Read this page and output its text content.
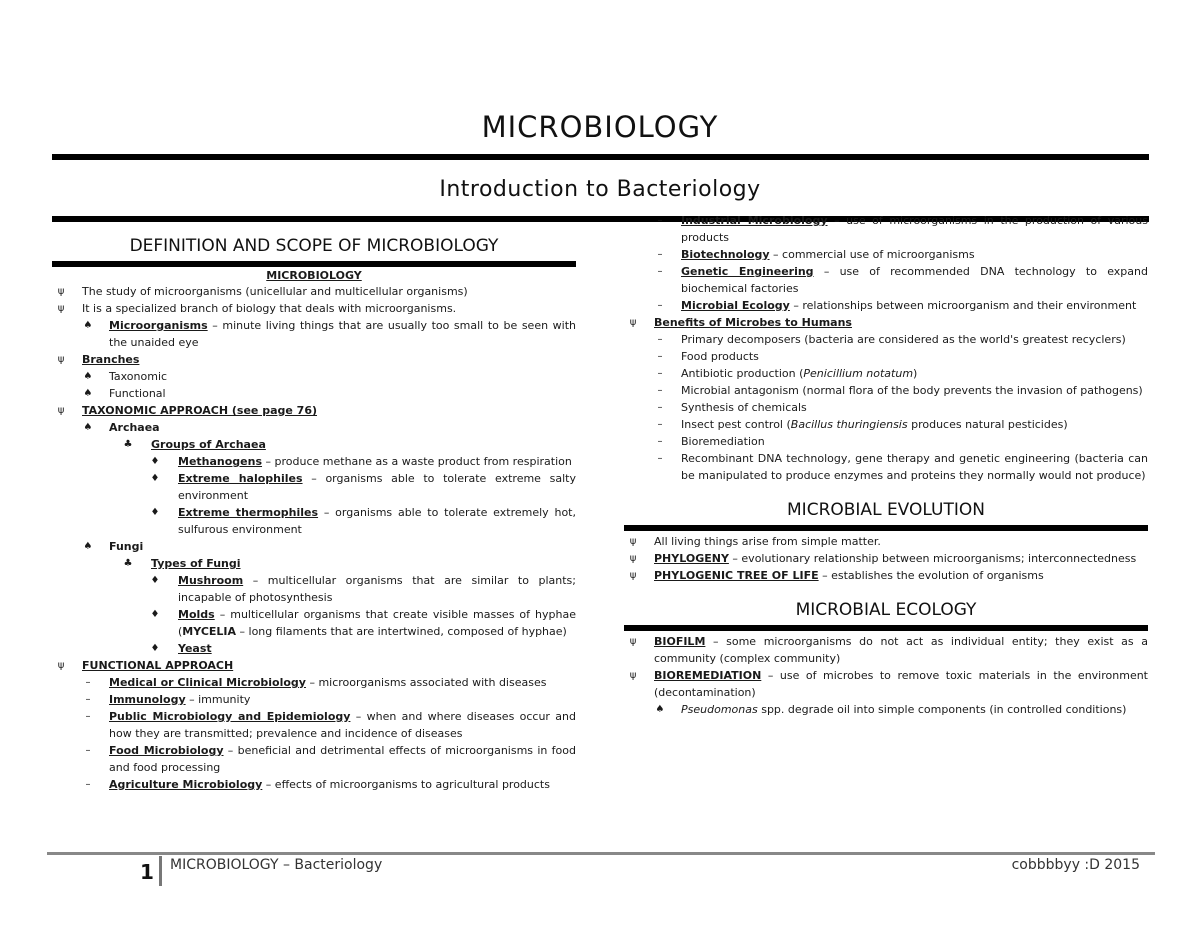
MICROBIOLOGY
Introduction to Bacteriology
DEFINITION AND SCOPE OF MICROBIOLOGY
MICROBIOLOGY
ψ	The study of microorganisms (unicellular and multicellular organisms)
ψ	It is a specialized branch of biology that deals with microorganisms.
♠ Microorganisms – minute living things that are usually too small to be seen with the unaided eye
ψ	Branches
♠ Taxonomic
♠ Functional
ψ	TAXONOMIC APPROACH (see page 76)
♠ Archaea
♣ Groups of Archaea
♦ Methanogens – produce methane as a waste product from respiration
♦ Extreme halophiles – organisms able to tolerate extreme salty environment
♦ Extreme thermophiles – organisms able to tolerate extremely hot, sulfurous environment
♠ Fungi
♣ Types of Fungi
♦ Mushroom – multicellular organisms that are similar to plants; incapable of photosynthesis
♦ Molds – multicellular organisms that create visible masses of hyphae (MYCELIA – long filaments that are intertwined, composed of hyphae)
♦ Yeast
ψ	FUNCTIONAL APPROACH
–	Medical or Clinical Microbiology – microorganisms associated with diseases
–	Immunology – immunity
–	Public Microbiology and Epidemiology – when and where diseases occur and how they are transmitted; prevalence and incidence of diseases
–	Food Microbiology – beneficial and detrimental effects of microorganisms in food and food processing
–	Agriculture Microbiology – effects of microorganisms to agricultural products
–	Industrial Microbiology – use of microorganisms in the production of various products
–	Biotechnology – commercial use of microorganisms
–	Genetic Engineering – use of recommended DNA technology to expand biochemical factories
–	Microbial Ecology – relationships between microorganism and their environment
ψ	Benefits of Microbes to Humans
–	Primary decomposers (bacteria are considered as the world's greatest recyclers)
–	Food products
–	Antibiotic production (Penicillium notatum)
–	Microbial antagonism (normal flora of the body prevents the invasion of pathogens)
–	Synthesis of chemicals
–	Insect pest control (Bacillus thuringiensis produces natural pesticides)
–	Bioremediation
–	Recombinant DNA technology, gene therapy and genetic engineering (bacteria can be manipulated to produce enzymes and proteins they normally would not produce)
MICROBIAL EVOLUTION
ψ	All living things arise from simple matter.
ψ	PHYLOGENY – evolutionary relationship between microorganisms; interconnectedness
ψ	PHYLOGENIC TREE OF LIFE – establishes the evolution of organisms
MICROBIAL ECOLOGY
ψ	BIOFILM – some microorganisms do not act as individual entity; they exist as a community (complex community)
ψ	BIOREMEDIATION – use of microbes to remove toxic materials in the environment (decontamination)
♠ Pseudomonas spp. degrade oil into simple components (in controlled conditions)
1 MICROBIOLOGY – Bacteriology	cobbbbyy :D 2015
